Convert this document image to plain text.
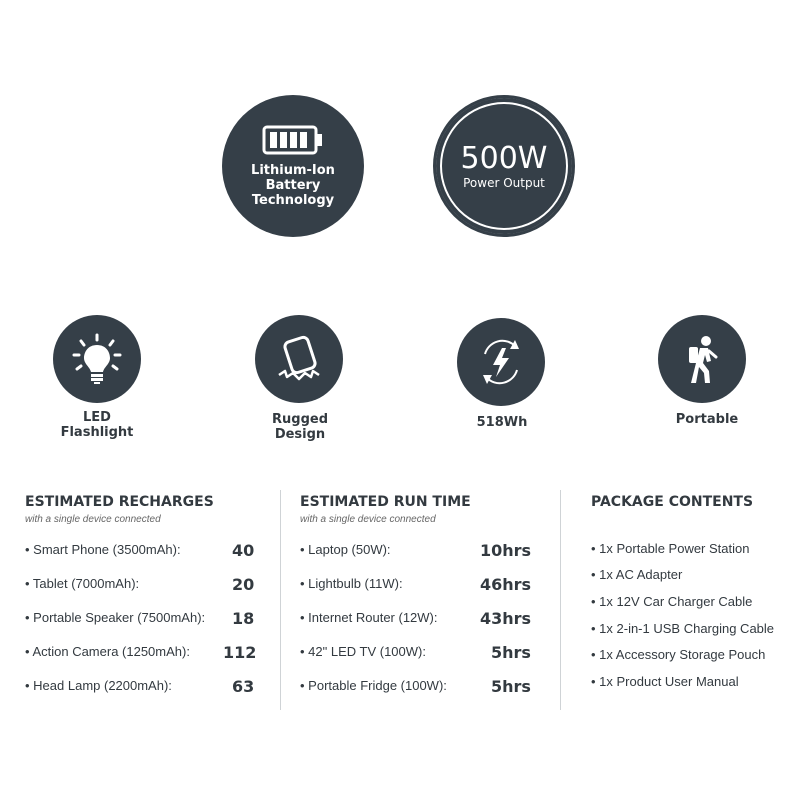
Lithium-Ion
Battery
Technology
500W
Power Output
LED
Flashlight
Rugged
Design
518Wh	Portable
ESTIMATED RECHARGES
with a single device connected
• Smart Phone (3500mAh):	40
• Tablet (7000mAh):	20
• Portable Speaker (7500mAh): 18
• Action Camera (1250mAh): 112
• Head Lamp (2200mAh):	63
ESTIMATED RUN TIME
with a single device connected
• Laptop (50W):	10hrs
• Lightbulb (11W):	46hrs
• Internet Router (12W):	43hrs
• 42" LED TV (100W):	5hrs
• Portable Fridge (100W):	5hrs
PACKAGE CONTENTS
• 1x Portable Power Station
• 1x AC Adapter
• 1x 12V Car Charger Cable
• 1x 2-in-1 USB Charging Cable
• 1x Accessory Storage Pouch
• 1x Product User Manual
